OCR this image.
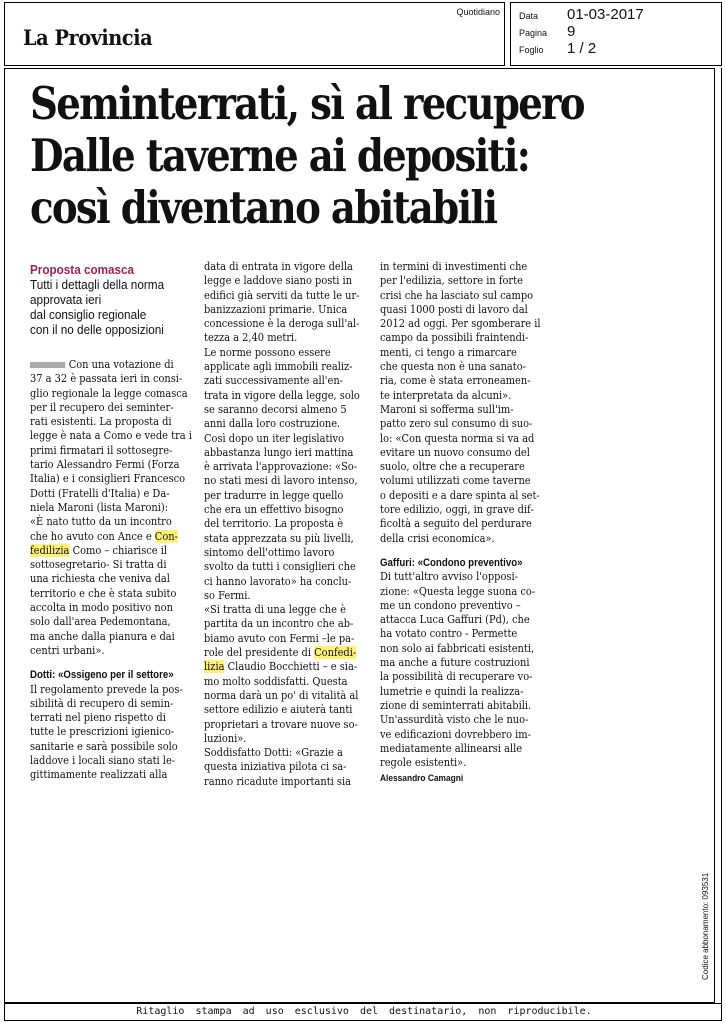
La Provincia
Quotidiano Data	01-03-2017
Pagina	9
Foglio	1 / 2
Codice abbonamento: 093531
Seminterrati, sì al recupero
Dalle taverne ai depositi:
così diventano abitabili
Proposta comasca
Tutti i dettagli della norma
approvata ieri
dal consiglio regionale
con il no delle opposizioni
Con una votazione di
37 a 32 è passata ieri in consi-
glio regionale la legge comasca
per il recupero dei seminter-
rati esistenti. La proposta di
legge è nata a Como e vede tra i
primi firmatari il sottosegre-
tario Alessandro Fermi (Forza
Italia) e i consiglieri Francesco
Dotti (Fratelli d'Italia) e Da-
niela Maroni (lista Maroni):
«È nato tutto da un incontro
che ho avuto con Ance e Con-
fedilizia Como – chiarisce il
sottosegretario- Si tratta di
una richiesta che veniva dal
territorio e che è stata subito
accolta in modo positivo non
solo dall'area Pedemontana,
ma anche dalla pianura e dai
centri urbani».
Dotti: «Ossigeno per il settore»
Il regolamento prevede la pos-
sibilità di recupero di semin-
terrati nel pieno rispetto di
tutte le prescrizioni igienico-
sanitarie e sarà possibile solo
laddove i locali siano stati le-
gittimamente realizzati alla
data di entrata in vigore della
legge e laddove siano posti in
edifici già serviti da tutte le ur-
banizzazioni primarie. Unica
concessione è la deroga sull'al-
tezza a 2,40 metri.
Le norme possono essere
applicate agli immobili realiz-
zati successivamente all'en-
trata in vigore della legge, solo
se saranno decorsi almeno 5
anni dalla loro costruzione.
Così dopo un iter legislativo
abbastanza lungo ieri mattina
è arrivata l'approvazione: «So-
no stati mesi di lavoro intenso,
per tradurre in legge quello
che era un effettivo bisogno
del territorio. La proposta è
stata apprezzata su più livelli,
sintomo dell'ottimo lavoro
svolto da tutti i consiglieri che
ci hanno lavorato» ha conclu-
so Fermi.
«Si tratta di una legge che è
partita da un incontro che ab-
biamo avuto con Fermi –le pa-
role del presidente di Confedi-
lizia Claudio Bocchietti – e sia-
mo molto soddisfatti. Questa
norma darà un po' di vitalità al
settore edilizio e aiuterà tanti
proprietari a trovare nuove so-
luzioni».
Soddisfatto Dotti: «Grazie a
questa iniziativa pilota ci sa-
ranno ricadute importanti sia
in termini di investimenti che
per l'edilizia, settore in forte
crisi che ha lasciato sul campo
quasi 1000 posti di lavoro dal
2012 ad oggi. Per sgomberare il
campo da possibili fraintendi-
menti, ci tengo a rimarcare
che questa non è una sanato-
ria, come è stata erroneamen-
te interpretata da alcuni».
Maroni si sofferma sull'im-
patto zero sul consumo di suo-
lo: «Con questa norma si va ad
evitare un nuovo consumo del
suolo, oltre che a recuperare
volumi utilizzati come taverne
o depositi e a dare spinta al set-
tore edilizio, oggi, in grave dif-
ficoltà a seguito del perdurare
della crisi economica».
Gaffuri: «Condono preventivo»
Di tutt'altro avviso l'opposi-
zione: «Questa legge suona co-
me un condono preventivo –
attacca Luca Gaffuri (Pd), che
ha votato contro - Permette
non solo ai fabbricati esistenti,
ma anche a future costruzioni
la possibilità di recuperare vo-
lumetrie e quindi la realizza-
zione di seminterrati abitabili.
Un'assurdità visto che le nuo-
ve edificazioni dovrebbero im-
mediatamente allinearsi alle
regole esistenti».
Alessandro Camagni
Ritaglio stampa ad uso esclusivo del destinatario, non riproducibile.
